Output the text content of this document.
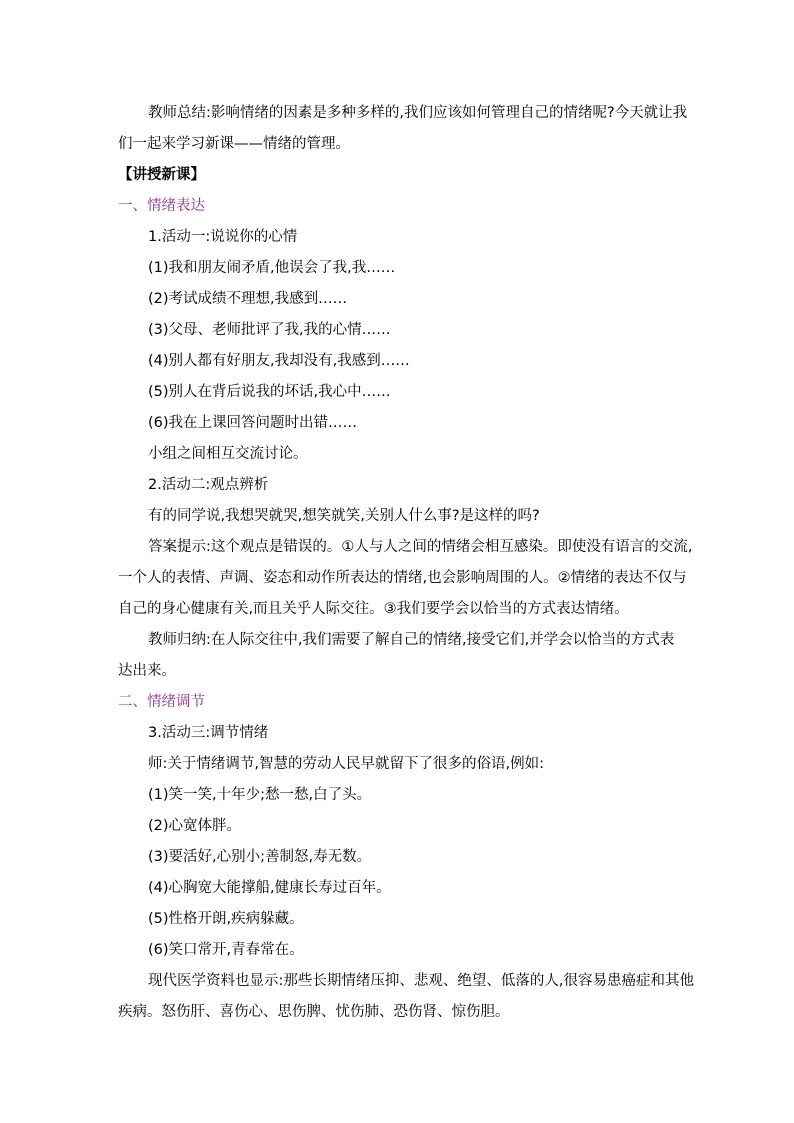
教师总结:影响情绪的因素是多种多样的,我们应该如何管理自己的情绪呢?今天就让我
们一起来学习新课——情绪的管理。
【讲授新课】
一、情绪表达
1.活动一:说说你的心情
(1)我和朋友闹矛盾,他误会了我,我……
(2)考试成绩不理想,我感到……
(3)父母、老师批评了我,我的心情……
(4)别人都有好朋友,我却没有,我感到……
(5)别人在背后说我的坏话,我心中……
(6)我在上课回答问题时出错……
小组之间相互交流讨论。
2.活动二:观点辨析
有的同学说,我想哭就哭,想笑就笑,关别人什么事?是这样的吗?
答案提示:这个观点是错误的。①人与人之间的情绪会相互感染。即使没有语言的交流,
一个人的表情、声调、姿态和动作所表达的情绪,也会影响周围的人。②情绪的表达不仅与
自己的身心健康有关,而且关乎人际交往。③我们要学会以恰当的方式表达情绪。
教师归纳:在人际交往中,我们需要了解自己的情绪,接受它们,并学会以恰当的方式表
达出来。
二、情绪调节
3.活动三:调节情绪
师:关于情绪调节,智慧的劳动人民早就留下了很多的俗语,例如:
(1)笑一笑,十年少;愁一愁,白了头。
(2)心宽体胖。
(3)要活好,心别小;善制怒,寿无数。
(4)心胸宽大能撑船,健康长寿过百年。
(5)性格开朗,疾病躲藏。
(6)笑口常开,青春常在。
现代医学资料也显示:那些长期情绪压抑、悲观、绝望、低落的人,很容易患癌症和其他
疾病。怒伤肝、喜伤心、思伤脾、忧伤肺、恐伤肾、惊伤胆。
